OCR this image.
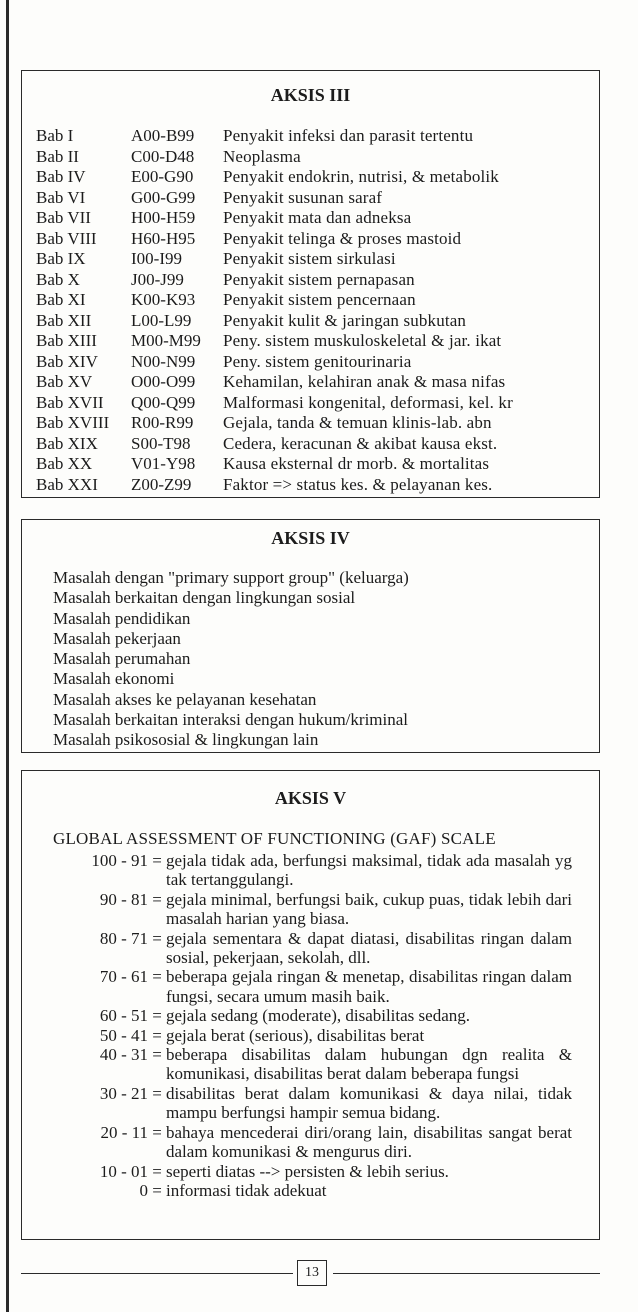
AKSIS III
Bab I	A00-B99	Penyakit infeksi dan parasit tertentu
Bab II	C00-D48	Neoplasma
Bab IV	E00-G90	Penyakit endokrin, nutrisi, & metabolik
Bab VI	G00-G99	Penyakit susunan saraf
Bab VII	H00-H59	Penyakit mata dan adneksa
Bab VIII	H60-H95	Penyakit telinga & proses mastoid
Bab IX	I00-I99	Penyakit sistem sirkulasi
Bab X	J00-J99	Penyakit sistem pernapasan
Bab XI	K00-K93	Penyakit sistem pencernaan
Bab XII	L00-L99	Penyakit kulit & jaringan subkutan
Bab XIII	M00-M99	Peny. sistem muskuloskeletal & jar. ikat
Bab XIV	N00-N99	Peny. sistem genitourinaria
Bab XV	O00-O99	Kehamilan, kelahiran anak & masa nifas
Bab XVII	Q00-Q99	Malformasi kongenital, deformasi, kel. kr
Bab XVIII	R00-R99	Gejala, tanda & temuan klinis-lab. abn
Bab XIX	S00-T98	Cedera, keracunan & akibat kausa ekst.
Bab XX	V01-Y98	Kausa eksternal dr morb. & mortalitas
Bab XXI	Z00-Z99	Faktor => status kes. & pelayanan kes.
AKSIS IV
Masalah dengan "primary support group" (keluarga)
Masalah berkaitan dengan lingkungan sosial
Masalah pendidikan
Masalah pekerjaan
Masalah perumahan
Masalah ekonomi
Masalah akses ke pelayanan kesehatan
Masalah berkaitan interaksi dengan hukum/kriminal
Masalah psikososial & lingkungan lain
AKSIS V
GLOBAL ASSESSMENT OF FUNCTIONING (GAF) SCALE
100 - 91 = gejala tidak ada, berfungsi maksimal, tidak ada masalah yg tak tertanggulangi.
90 - 81 = gejala minimal, berfungsi baik, cukup puas, tidak lebih dari masalah harian yang biasa.
80 - 71 = gejala sementara & dapat diatasi, disabilitas ringan dalam sosial, pekerjaan, sekolah, dll.
70 - 61 = beberapa gejala ringan & menetap, disabilitas ringan dalam fungsi, secara umum masih baik.
60 - 51 = gejala sedang (moderate), disabilitas sedang.
50 - 41 = gejala berat (serious), disabilitas berat
40 - 31 = beberapa disabilitas dalam hubungan dgn realita & komunikasi, disabilitas berat dalam beberapa fungsi
30 - 21 = disabilitas berat dalam komunikasi & daya nilai, tidak mampu berfungsi hampir semua bidang.
20 - 11 = bahaya mencederai diri/orang lain, disabilitas sangat berat dalam komunikasi & mengurus diri.
10 - 01 = seperti diatas --> persisten & lebih serius.
0 = informasi tidak adekuat
13
